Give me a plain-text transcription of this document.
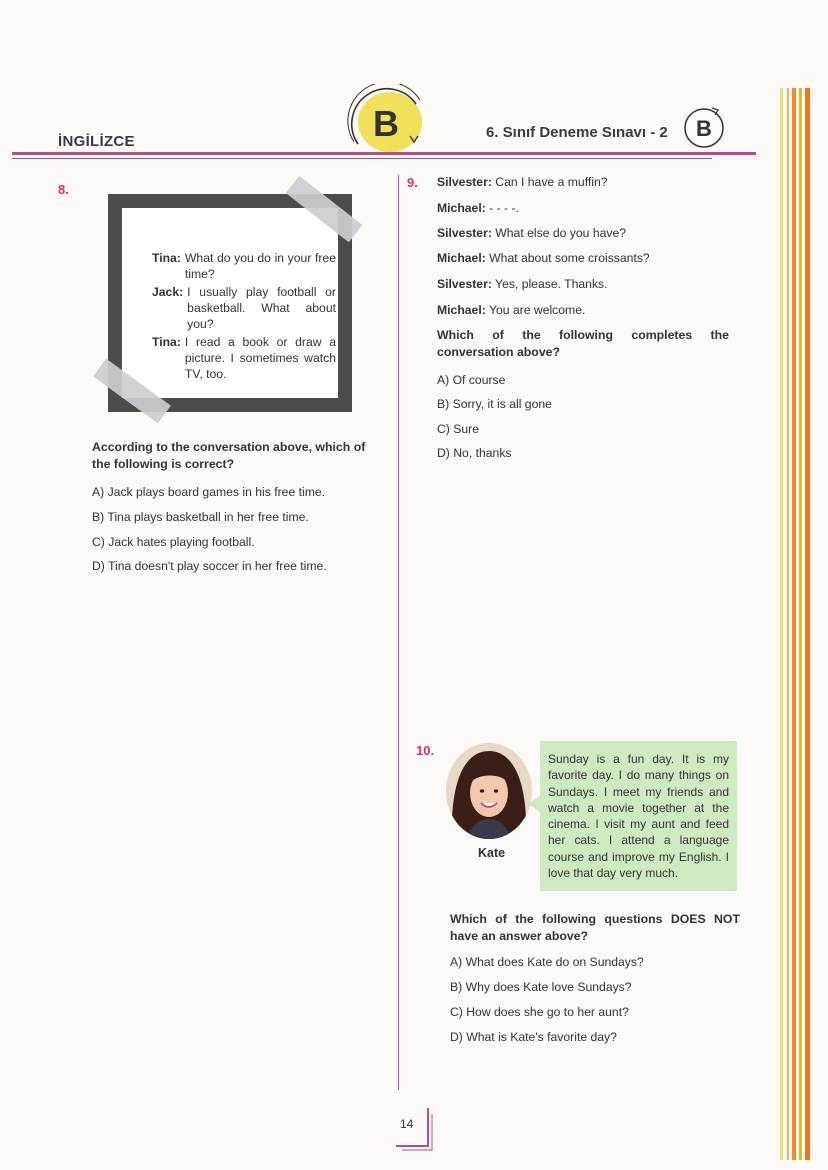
İNGİLİZCE	B	6. Sınıf Deneme Sınavı - 2 B
8.
Tina: What do you do in your free time?
Jack: I usually play football or basketball. What about you?
Tina: I read a book or draw a picture. I sometimes watch TV, too.
According to the conversation above, which of the following is correct?
A) Jack plays board games in his free time.
B) Tina plays basketball in her free time.
C) Jack hates playing football.
D) Tina doesn't play soccer in her free time.
9. Silvester: Can I have a muffin?
Michael: - - - -.
Silvester: What else do you have?
Michael: What about some croissants?
Silvester: Yes, please. Thanks.
Michael: You are welcome.
Which of the following completes the conversation above?
A) Of course
B) Sorry, it is all gone
C) Sure
D) No, thanks
10.
Kate
Sunday is a fun day. It is my favorite day. I do many things on Sundays. I meet my friends and watch a movie together at the cinema. I visit my aunt and feed her cats. I attend a language course and improve my English. I love that day very much.
Which of the following questions DOES NOT have an answer above?
A) What does Kate do on Sundays?
B) Why does Kate love Sundays?
C) How does she go to her aunt?
D) What is Kate's favorite day?
14
